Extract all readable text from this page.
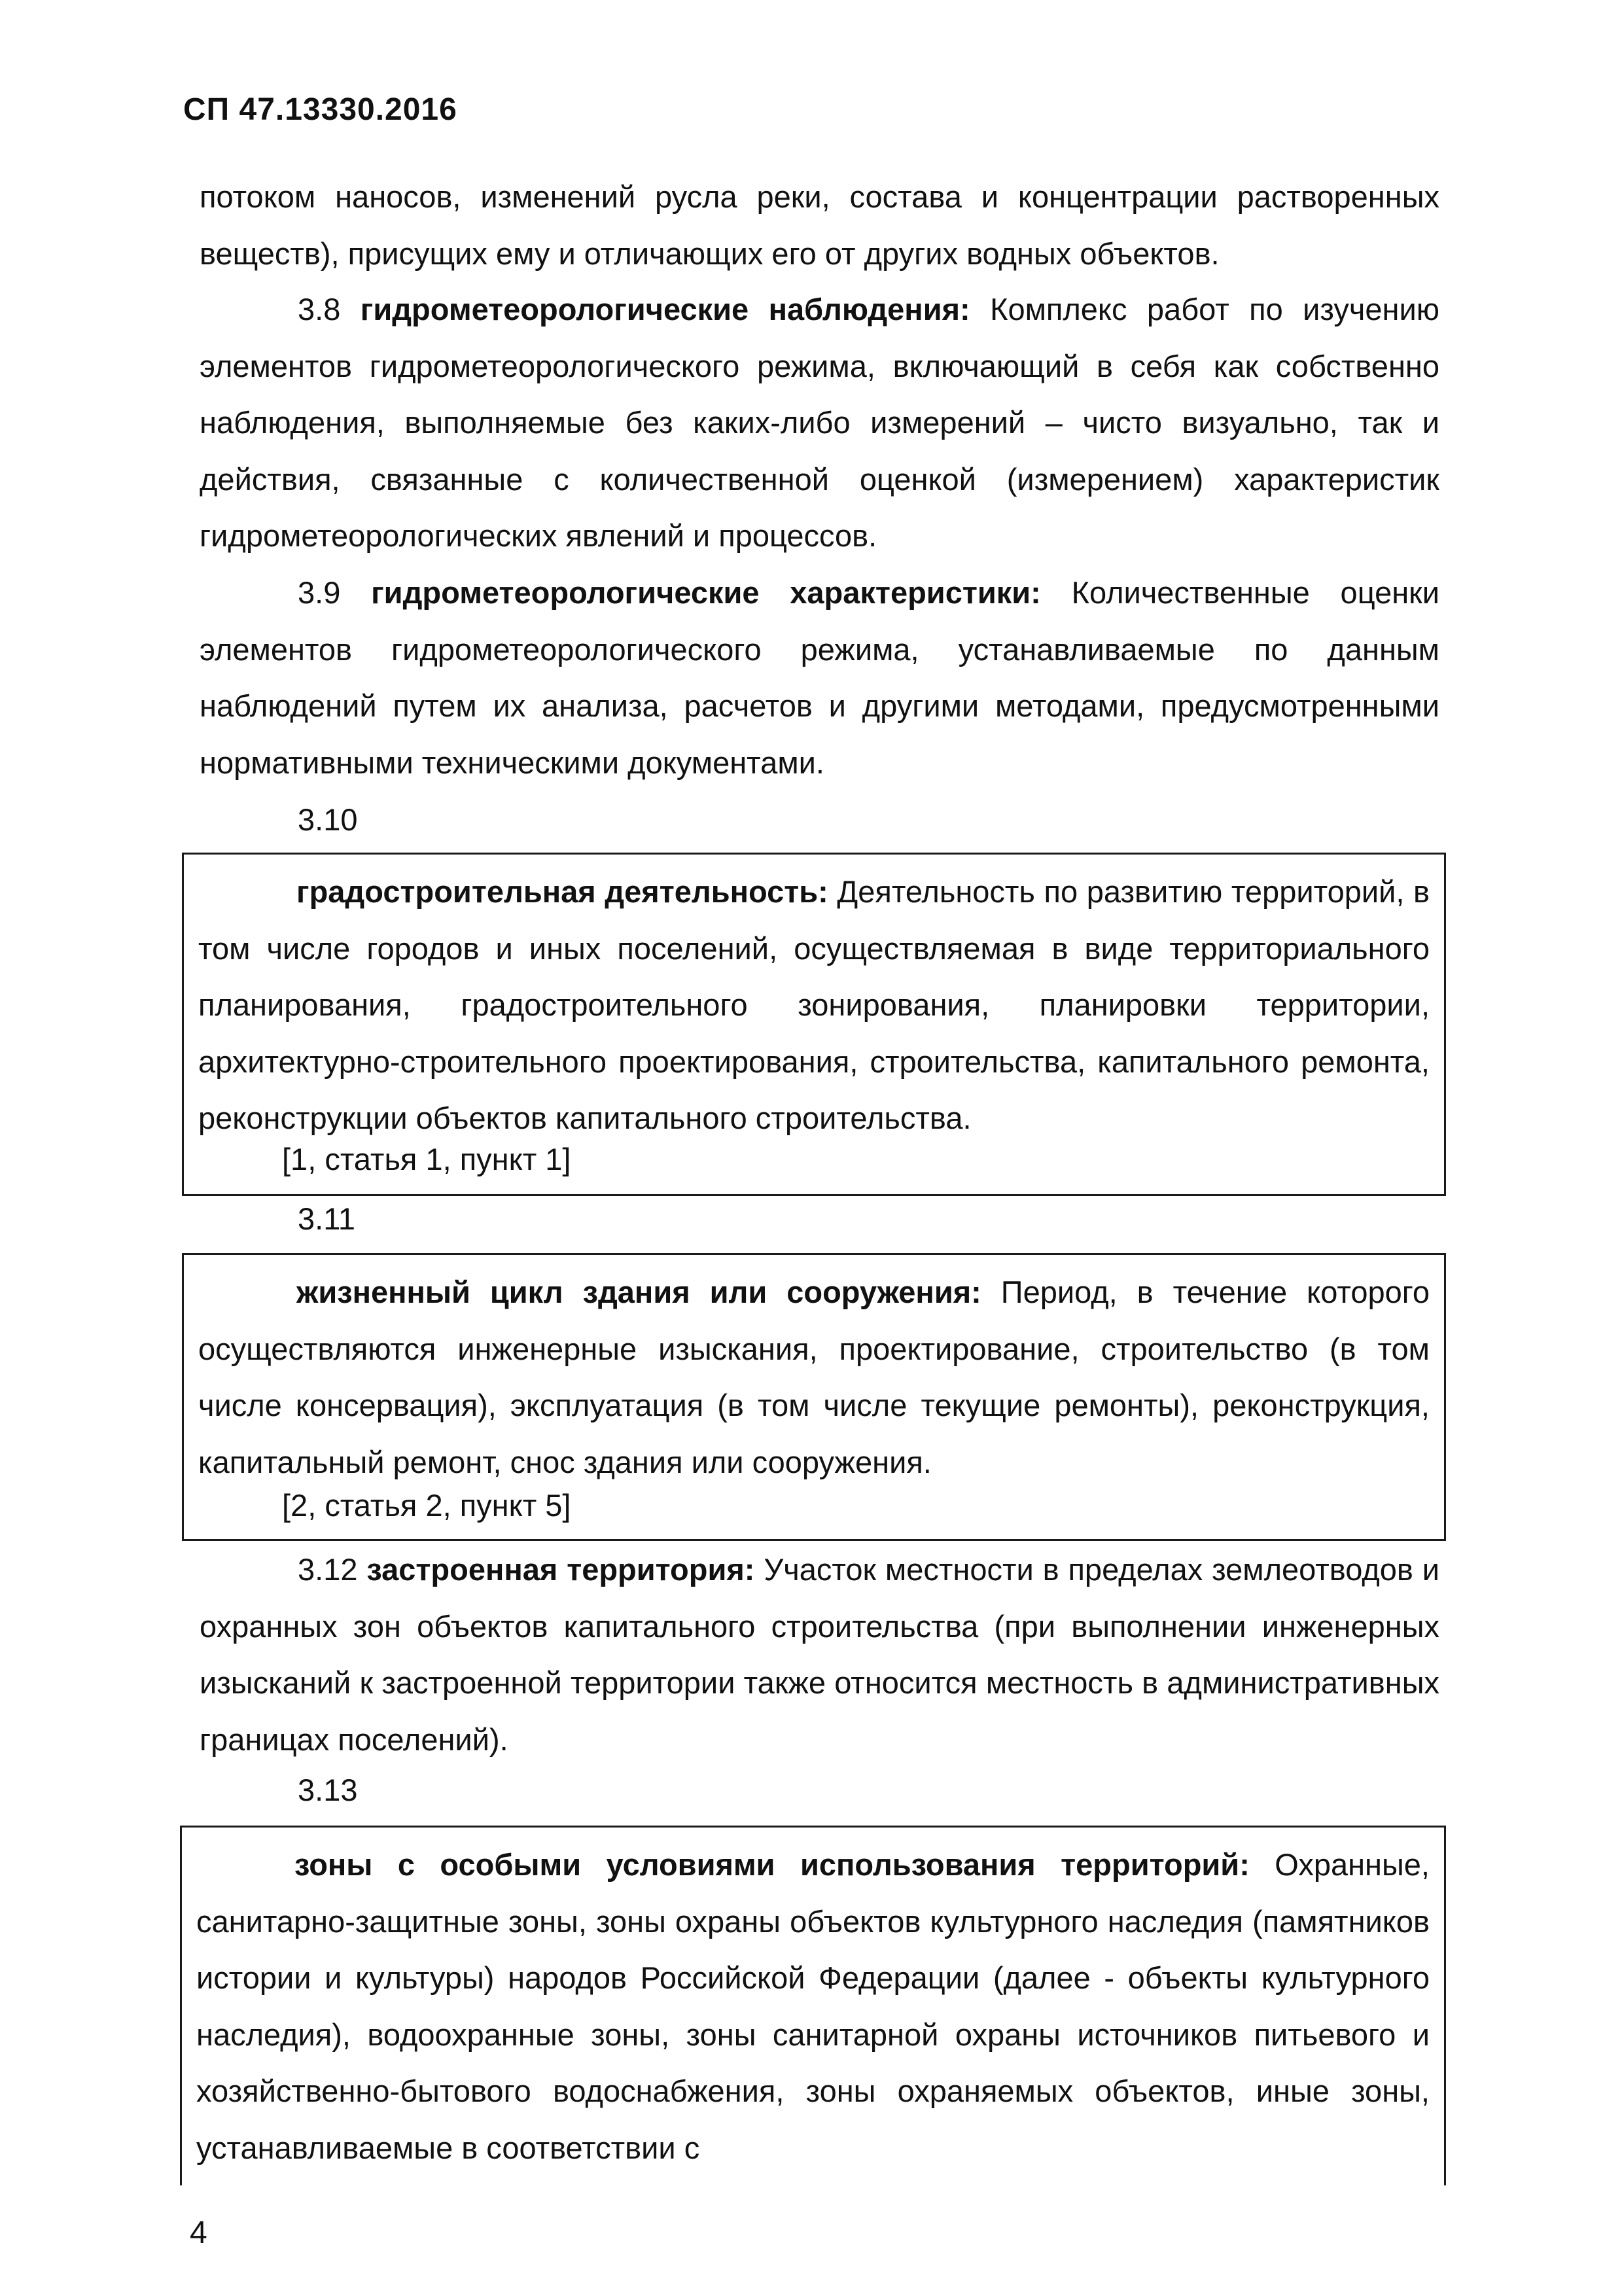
СП 47.13330.2016
потоком наносов, изменений русла реки, состава и концентрации растворенных веществ), присущих ему и отличающих его от других водных объектов.
3.8 гидрометеорологические наблюдения: Комплекс работ по изучению элементов гидрометеорологического режима, включающий в себя как собственно наблюдения, выполняемые без каких-либо измерений – чисто визуально, так и действия, связанные с количественной оценкой (измерением) характеристик гидрометеорологических явлений и процессов.
3.9 гидрометеорологические характеристики: Количественные оценки элементов гидрометеорологического режима, устанавливаемые по данным наблюдений путем их анализа, расчетов и другими методами, предусмотренными нормативными техническими документами.
3.10
градостроительная деятельность: Деятельность по развитию территорий, в том числе городов и иных поселений, осуществляемая в виде территориального планирования, градостроительного зонирования, планировки территории, архитектурно-строительного проектирования, строительства, капитального ремонта, реконструкции объектов капитального строительства.
[1, статья 1, пункт 1]
3.11
жизненный цикл здания или сооружения: Период, в течение которого осуществляются инженерные изыскания, проектирование, строительство (в том числе консервация), эксплуатация (в том числе текущие ремонты), реконструкция, капитальный ремонт, снос здания или сооружения.
[2, статья 2, пункт 5]
3.12 застроенная территория: Участок местности в пределах землеотводов и охранных зон объектов капитального строительства (при выполнении инженерных изысканий к застроенной территории также относится местность в административных границах поселений).
3.13
зоны с особыми условиями использования территорий: Охранные, санитарно-защитные зоны, зоны охраны объектов культурного наследия (памятников истории и культуры) народов Российской Федерации (далее - объекты культурного наследия), водоохранные зоны, зоны санитарной охраны источников питьевого и хозяйственно-бытового водоснабжения, зоны охраняемых объектов, иные зоны, устанавливаемые в соответствии с
4
